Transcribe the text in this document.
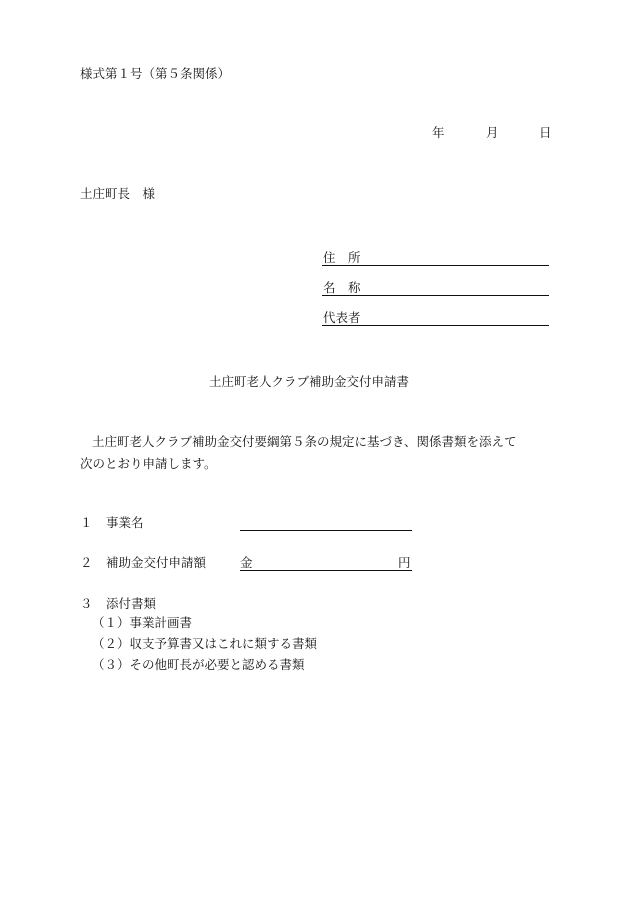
様式第１号（第５条関係）
年	月	日
土庄町長　様
住　所
名　称
代表者
土庄町老人クラブ補助金交付申請書
土庄町老人クラブ補助金交付要綱第５条の規定に基づき、関係書類を添えて
次のとおり申請します。
１ 事業名
２ 補助金交付申請額	金	円
３ 添付書類
（１）事業計画書
（２）収支予算書又はこれに類する書類
（３）その他町長が必要と認める書類
